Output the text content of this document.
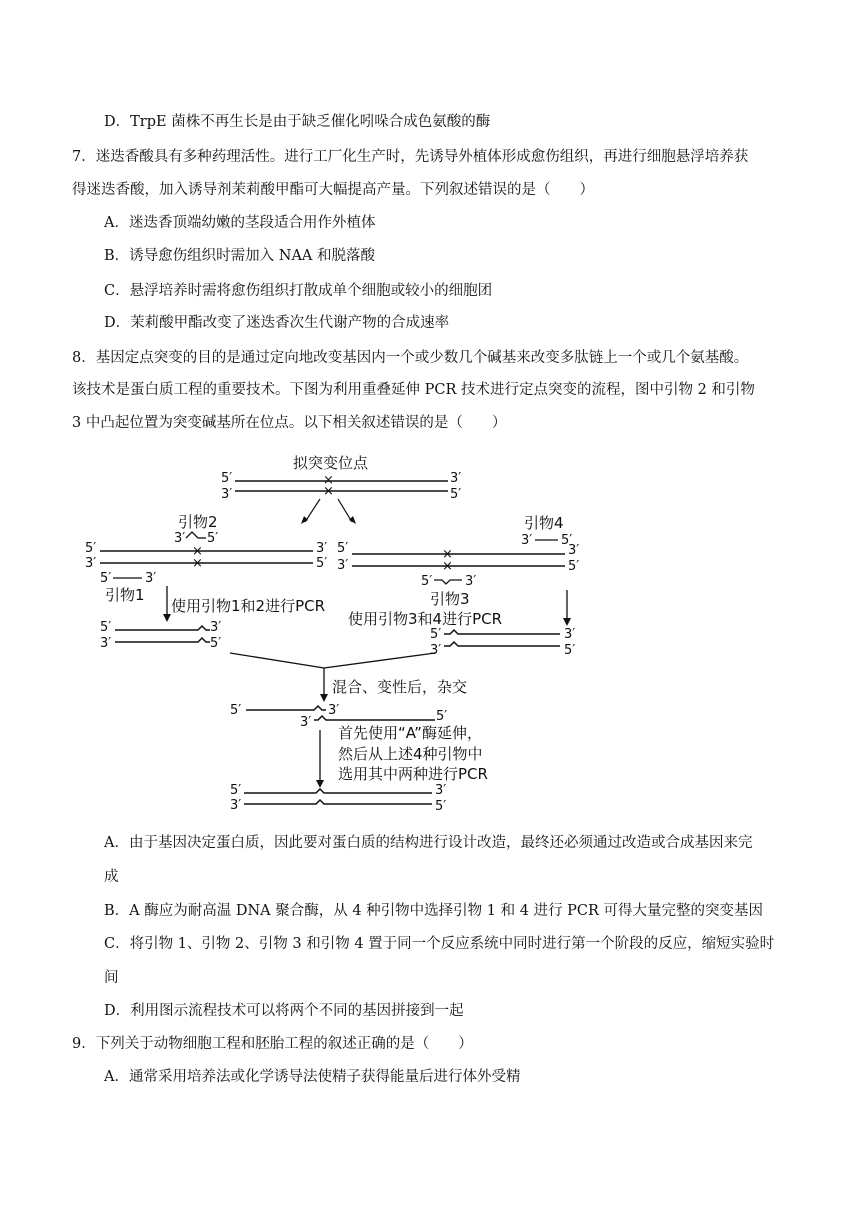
D．TrpE 菌株不再生长是由于缺乏催化吲哚合成色氨酸的酶
7．迷迭香酸具有多种药理活性。进行工厂化生产时，先诱导外植体形成愈伤组织，再进行细胞悬浮培养获
得迷迭香酸，加入诱导剂茉莉酸甲酯可大幅提高产量。下列叙述错误的是（　　）
A．迷迭香顶端幼嫩的茎段适合用作外植体
B．诱导愈伤组织时需加入 NAA 和脱落酸
C．悬浮培养时需将愈伤组织打散成单个细胞或较小的细胞团
D．茉莉酸甲酯改变了迷迭香次生代谢产物的合成速率
8．基因定点突变的目的是通过定向地改变基因内一个或少数几个碱基来改变多肽链上一个或几个氨基酸。
该技术是蛋白质工程的重要技术。下图为利用重叠延伸 PCR 技术进行定点突变的流程，图中引物 2 和引物
3 中凸起位置为突变碱基所在位点。以下相关叙述错误的是（　　）
拟突变位点
5′
3′
×
×
3′
5′
引物2
3′ 5′
5′
3′
×
×
3′
5′
5′	3′
引物1
使用引物1和2进行PCR
5′
3′
3′
5′
引物4
3′ 5′
5′
3′
×
×
3′
5′
5′	3′
引物3
使用引物3和4进行PCR
5′
3′
3′
5′
混合、变性后，杂交
5′	3′
3′	5′
首先使用“A”酶延伸，
然后从上述4种引物中
选用其中两种进行PCR
5′
3′
3′
5′
A．由于基因决定蛋白质，因此要对蛋白质的结构进行设计改造，最终还必须通过改造或合成基因来完
成
B．A 酶应为耐高温 DNA 聚合酶，从 4 种引物中选择引物 1 和 4 进行 PCR 可得大量完整的突变基因
C．将引物 1、引物 2、引物 3 和引物 4 置于同一个反应系统中同时进行第一个阶段的反应，缩短实验时
间
D．利用图示流程技术可以将两个不同的基因拼接到一起
9．下列关于动物细胞工程和胚胎工程的叙述正确的是（　　）
A．通常采用培养法或化学诱导法使精子获得能量后进行体外受精
